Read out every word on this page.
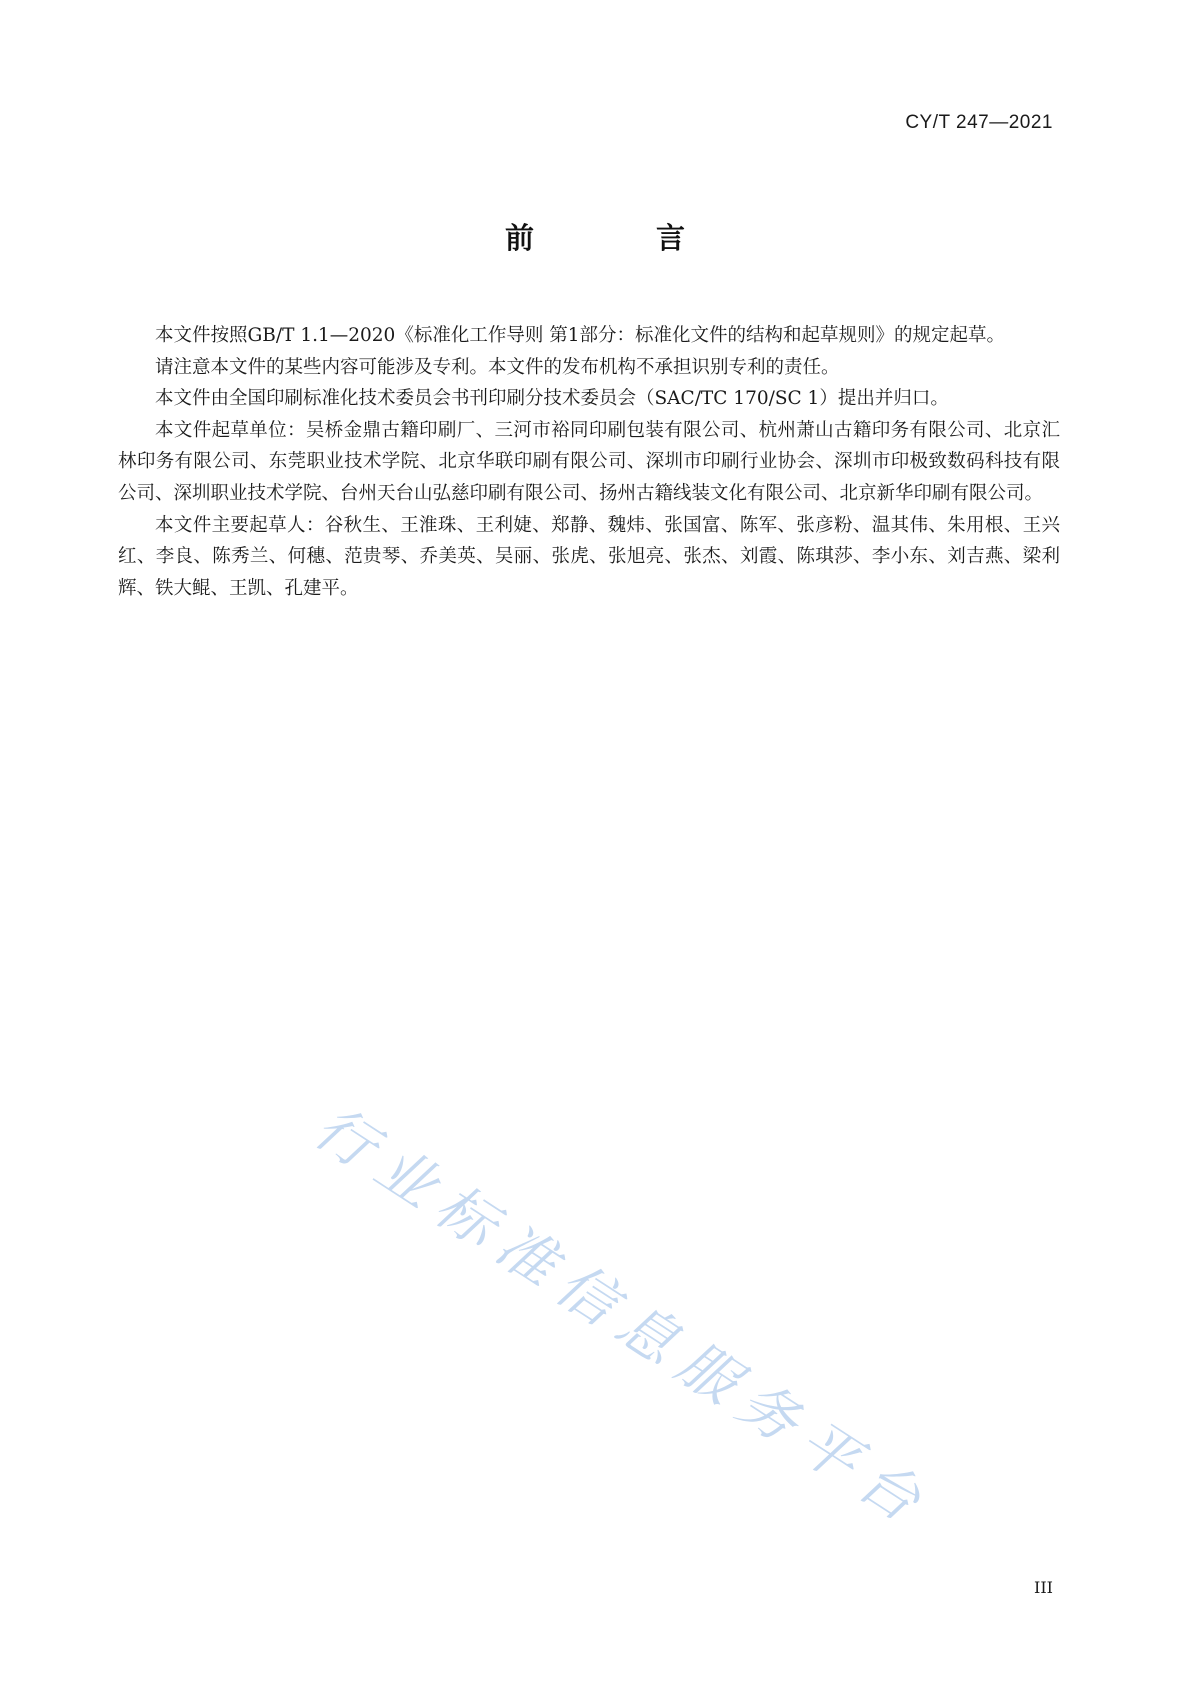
CY/T 247—2021
前 言

本文件按照GB/T 1.1—2020《标准化工作导则 第1部分：标准化文件的结构和起草规则》的规定起草。

请注意本文件的某些内容可能涉及专利。本文件的发布机构不承担识别专利的责任。

本文件由全国印刷标准化技术委员会书刊印刷分技术委员会（SAC/TC 170/SC 1）提出并归口。

本文件起草单位：吴桥金鼎古籍印刷厂、三河市裕同印刷包装有限公司、杭州萧山古籍印务有限公司、北京汇林印务有限公司、东莞职业技术学院、北京华联印刷有限公司、深圳市印刷行业协会、深圳市印极致数码科技有限公司、深圳职业技术学院、台州天台山弘慈印刷有限公司、扬州古籍线装文化有限公司、北京新华印刷有限公司。

本文件主要起草人：谷秋生、王淮珠、王利婕、郑静、魏炜、张国富、陈军、张彦粉、温其伟、朱用根、王兴红、李良、陈秀兰、何穗、范贵琴、乔美英、吴丽、张虎、张旭亮、张杰、刘霞、陈琪莎、李小东、刘吉燕、梁利辉、铁大鲲、王凯、孔建平。

行业标准信息服务平台
III
